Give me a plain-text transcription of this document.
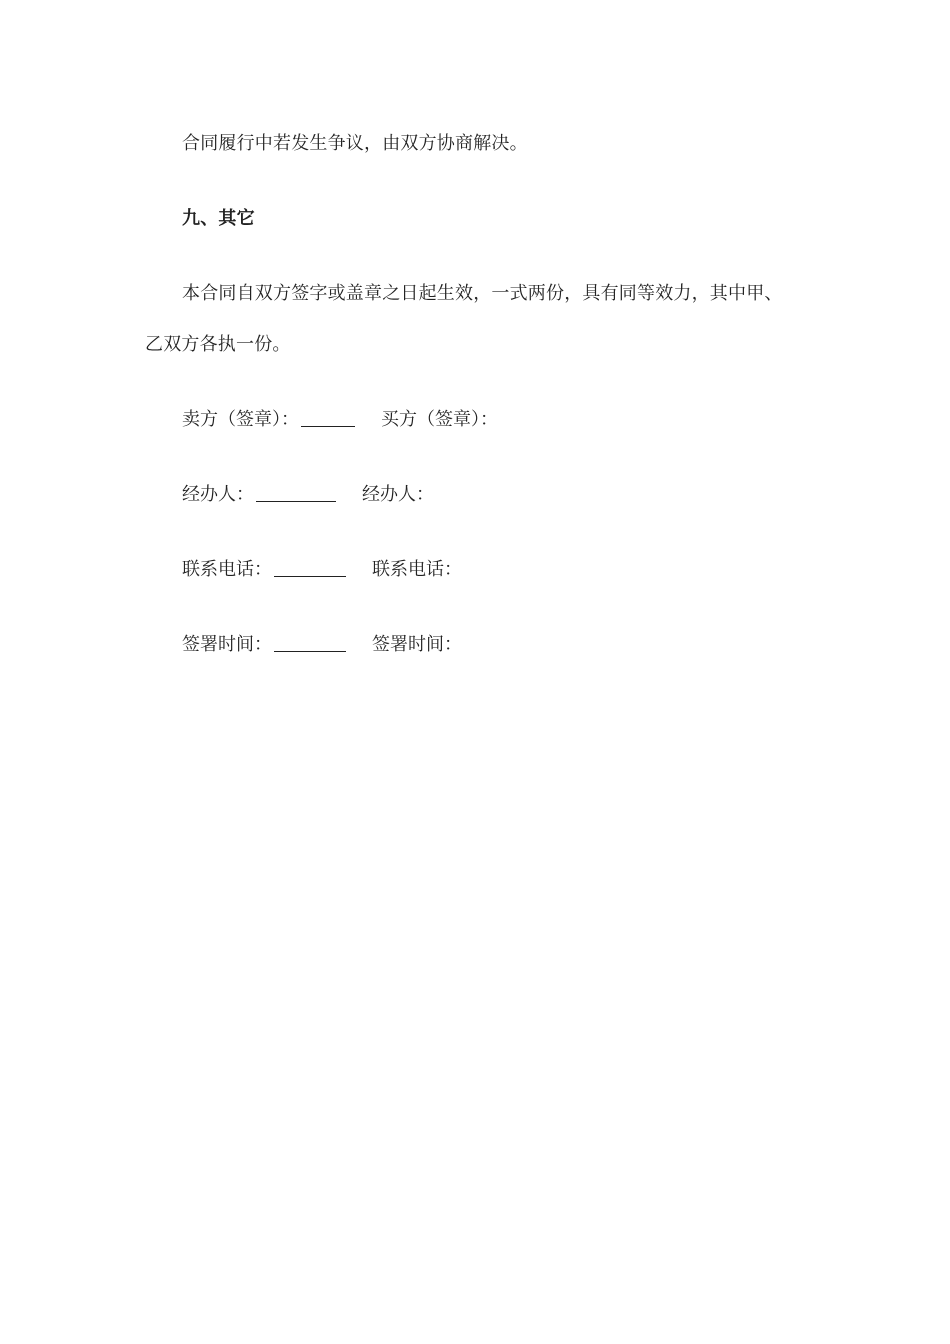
合同履行中若发生争议，由双方协商解决。
九、其它
本合同自双方签字或盖章之日起生效，一式两份，具有同等效力，其中甲、
乙双方各执一份。
卖方（签章）：	买方（签章）：
经办人：	经办人：
联系电话：	联系电话：
签署时间：	签署时间：
